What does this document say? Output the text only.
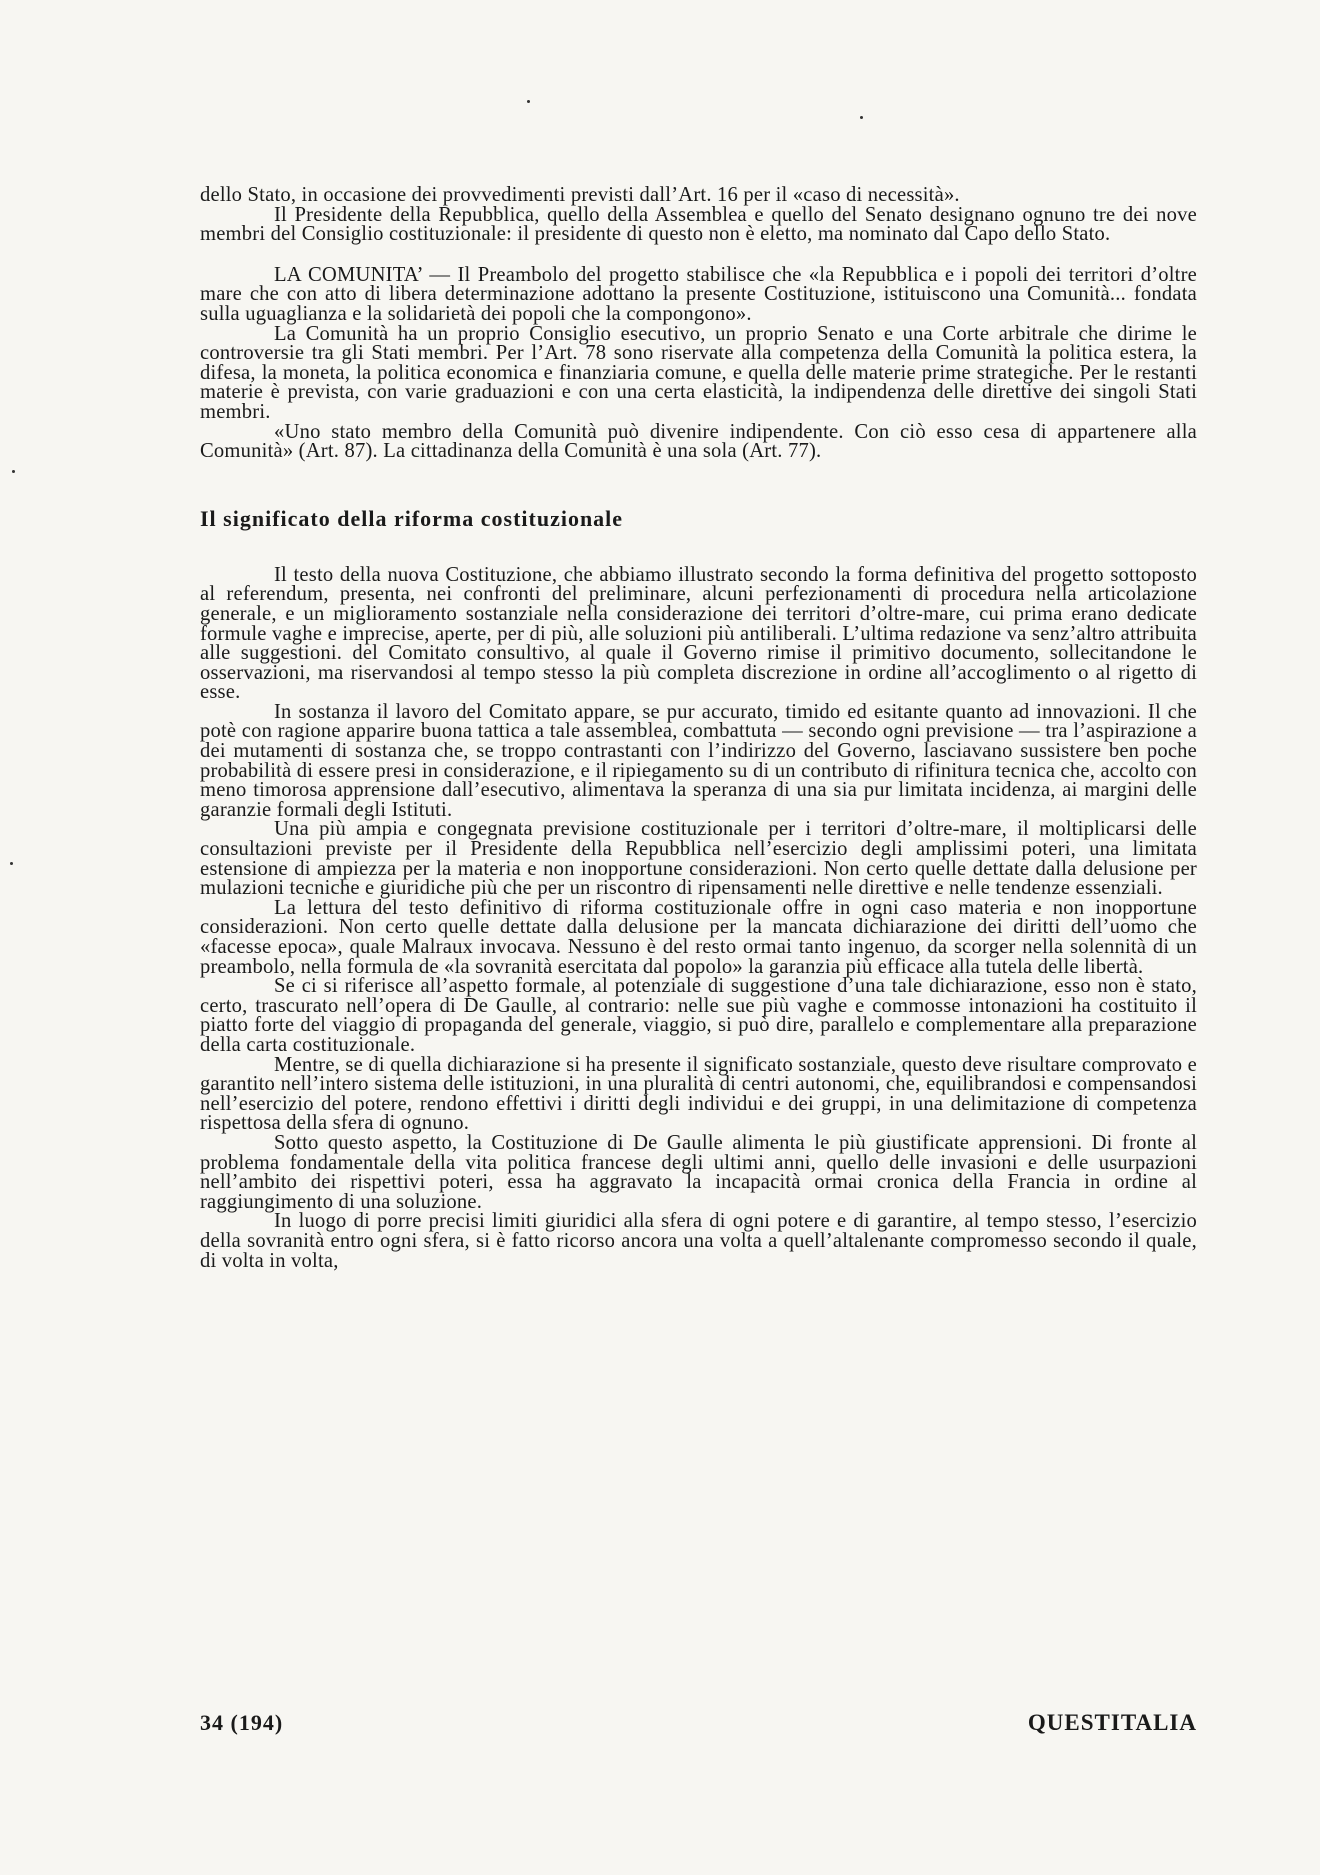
dello Stato, in occasione dei provvedimenti previsti dall’Art. 16 per il «caso di necessità».

Il Presidente della Repubblica, quello della Assemblea e quello del Senato designano ognuno tre dei nove membri del Consiglio costituzionale: il presidente di questo non è eletto, ma nominato dal Capo dello Stato.

LA COMUNITA’ — Il Preambolo del progetto stabilisce che «la Repubblica e i popoli dei territori d’oltre mare che con atto di libera determinazione adottano la presente Costituzione, istituiscono una Comunità... fondata sulla uguaglianza e la solidarietà dei popoli che la compongono».

La Comunità ha un proprio Consiglio esecutivo, un proprio Senato e una Corte arbitrale che dirime le controversie tra gli Stati membri. Per l’Art. 78 sono riservate alla competenza della Comunità la politica estera, la difesa, la moneta, la politica economica e finanziaria comune, e quella delle materie prime strategiche. Per le restanti materie è prevista, con varie graduazioni e con una certa elasticità, la indipendenza delle direttive dei singoli Stati membri.

«Uno stato membro della Comunità può divenire indipendente. Con ciò esso cesa di appartenere alla Comunità» (Art. 87). La cittadinanza della Comunità è una sola (Art. 77).

Il significato della riforma costituzionale

Il testo della nuova Costituzione, che abbiamo illustrato secondo la forma definitiva del progetto sottoposto al referendum, presenta, nei confronti del preliminare, alcuni perfezionamenti di procedura nella articolazione generale, e un miglioramento sostanziale nella considerazione dei territori d’oltre-mare, cui prima erano dedicate formule vaghe e imprecise, aperte, per di più, alle soluzioni più antiliberali. L’ultima redazione va senz’altro attribuita alle suggestioni. del Comitato consultivo, al quale il Governo rimise il primitivo documento, sollecitandone le osservazioni, ma riservandosi al tempo stesso la più completa discrezione in ordine all’accoglimento o al rigetto di esse.

In sostanza il lavoro del Comitato appare, se pur accurato, timido ed esitante quanto ad innovazioni. Il che potè con ragione apparire buona tattica a tale assemblea, combattuta — secondo ogni previsione — tra l’aspirazione a dei mutamenti di sostanza che, se troppo contrastanti con l’indirizzo del Governo, lasciavano sussistere ben poche probabilità di essere presi in considerazione, e il ripiegamento su di un contributo di rifinitura tecnica che, accolto con meno timorosa apprensione dall’esecutivo, alimentava la speranza di una sia pur limitata incidenza, ai margini delle garanzie formali degli Istituti.

Una più ampia e congegnata previsione costituzionale per i territori d’oltre-mare, il moltiplicarsi delle consultazioni previste per il Presidente della Repubblica nell’esercizio degli amplissimi poteri, una limitata estensione di ampiezza per la materia e non inopportune considerazioni. Non certo quelle dettate dalla delusione per mulazioni tecniche e giuridiche più che per un riscontro di ripensamenti nelle direttive e nelle tendenze essenziali.

La lettura del testo definitivo di riforma costituzionale offre in ogni caso materia e non inopportune considerazioni. Non certo quelle dettate dalla delusione per la mancata dichiarazione dei diritti dell’uomo che «facesse epoca», quale Malraux invocava. Nessuno è del resto ormai tanto ingenuo, da scorger nella solennità di un preambolo, nella formula de «la sovranità esercitata dal popolo» la garanzia più efficace alla tutela delle libertà.

Se ci si riferisce all’aspetto formale, al potenziale di suggestione d’una tale dichiarazione, esso non è stato, certo, trascurato nell’opera di De Gaulle, al contrario: nelle sue più vaghe e commosse intonazioni ha costituito il piatto forte del viaggio di propaganda del generale, viaggio, si può dire, parallelo e complementare alla preparazione della carta costituzionale.

Mentre, se di quella dichiarazione si ha presente il significato sostanziale, questo deve risultare comprovato e garantito nell’intero sistema delle istituzioni, in una pluralità di centri autonomi, che, equilibrandosi e compensandosi nell’esercizio del potere, rendono effettivi i diritti degli individui e dei gruppi, in una delimitazione di competenza rispettosa della sfera di ognuno.

Sotto questo aspetto, la Costituzione di De Gaulle alimenta le più giustificate apprensioni. Di fronte al problema fondamentale della vita politica francese degli ultimi anni, quello delle invasioni e delle usurpazioni nell’ambito dei rispettivi poteri, essa ha aggravato la incapacità ormai cronica della Francia in ordine al raggiungimento di una soluzione.

In luogo di porre precisi limiti giuridici alla sfera di ogni potere e di garantire, al tempo stesso, l’esercizio della sovranità entro ogni sfera, si è fatto ricorso ancora una volta a quell’altalenante compromesso secondo il quale, di volta in volta,

34 (194)	QUESTITALIA
